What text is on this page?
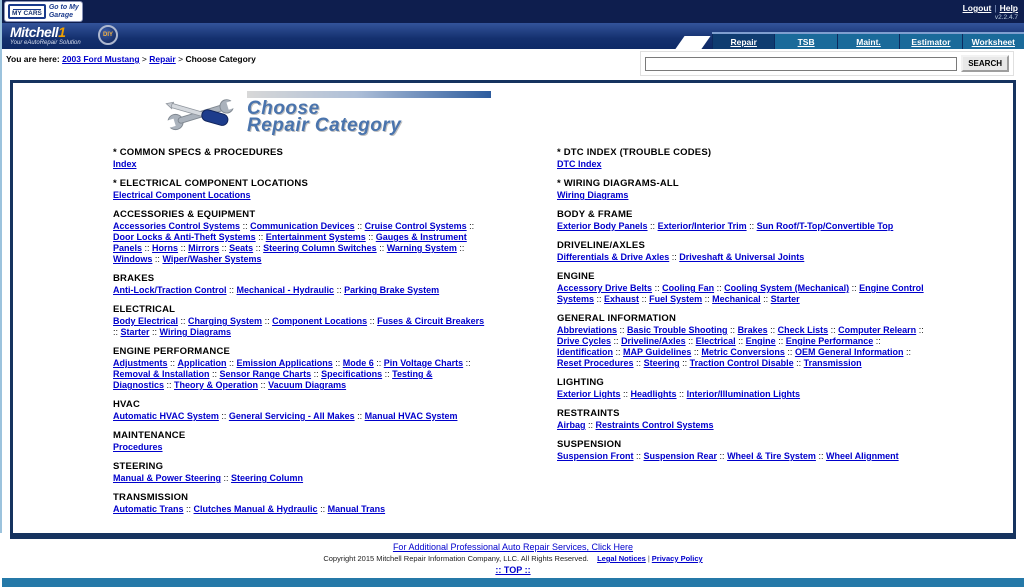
MY CARS
Go to My
Garage
Logout | Help
v2.2.4.7
Mitchell1
Your eAutoRepair Solution
DIY
Repair	TSB	Maint.	Estimator	Worksheet
You are here: 2003 Ford Mustang > Repair > Choose Category	SEARCH
Choose
Repair Category
* COMMON SPECS & PROCEDURES
Index
* ELECTRICAL COMPONENT LOCATIONS
Electrical Component Locations
ACCESSORIES & EQUIPMENT
Accessories Control Systems :: Communication Devices :: Cruise Control Systems :: Door Locks & Anti-Theft Systems :: Entertainment Systems :: Gauges & Instrument Panels :: Horns :: Mirrors :: Seats :: Steering Column Switches :: Warning System :: Windows :: Wiper/Washer Systems
BRAKES
Anti-Lock/Traction Control :: Mechanical - Hydraulic :: Parking Brake System
ELECTRICAL
Body Electrical :: Charging System :: Component Locations :: Fuses & Circuit Breakers :: Starter :: Wiring Diagrams
ENGINE PERFORMANCE
Adjustments :: Application :: Emission Applications :: Mode 6 :: Pin Voltage Charts :: Removal & Installation :: Sensor Range Charts :: Specifications :: Testing & Diagnostics :: Theory & Operation :: Vacuum Diagrams
HVAC
Automatic HVAC System :: General Servicing - All Makes :: Manual HVAC System
MAINTENANCE
Procedures
STEERING
Manual & Power Steering :: Steering Column
TRANSMISSION
Automatic Trans :: Clutches Manual & Hydraulic :: Manual Trans
* DTC INDEX (TROUBLE CODES)
DTC Index
* WIRING DIAGRAMS-ALL
Wiring Diagrams
BODY & FRAME
Exterior Body Panels :: Exterior/Interior Trim :: Sun Roof/T-Top/Convertible Top
DRIVELINE/AXLES
Differentials & Drive Axles :: Driveshaft & Universal Joints
ENGINE
Accessory Drive Belts :: Cooling Fan :: Cooling System (Mechanical) :: Engine Control Systems :: Exhaust :: Fuel System :: Mechanical :: Starter
GENERAL INFORMATION
Abbreviations :: Basic Trouble Shooting :: Brakes :: Check Lists :: Computer Relearn :: Drive Cycles :: Driveline/Axles :: Electrical :: Engine :: Engine Performance :: Identification :: MAP Guidelines :: Metric Conversions :: OEM General Information :: Reset Procedures :: Steering :: Traction Control Disable :: Transmission
LIGHTING
Exterior Lights :: Headlights :: Interior/Illumination Lights
RESTRAINTS
Airbag :: Restraints Control Systems
SUSPENSION
Suspension Front :: Suspension Rear :: Wheel & Tire System :: Wheel Alignment
For Additional Professional Auto Repair Services, Click Here
Copyright 2015 Mitchell Repair Information Company, LLC. All Rights Reserved. Legal Notices | Privacy Policy
:: TOP ::
